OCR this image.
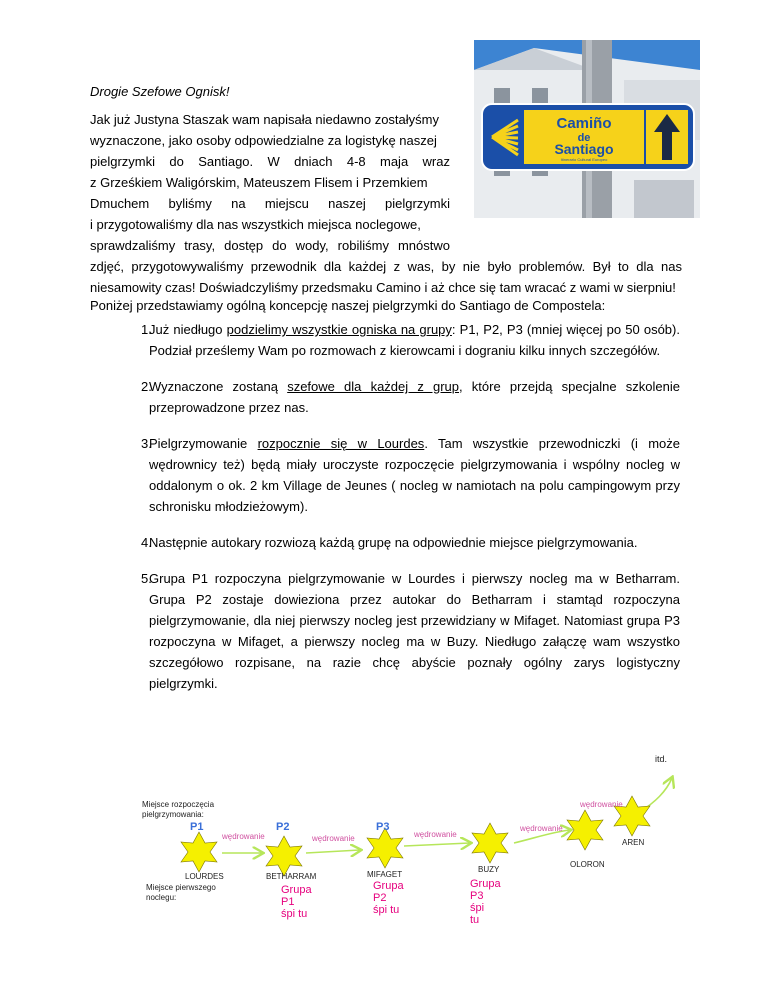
Camiño
de
Santiago
Itinerario Cultural Europeo
Drogie Szefowe Ognisk!
Jak już Justyna Staszak wam napisała niedawno zostałyśmy
wyznaczone, jako osoby odpowiedzialne za logistykę naszej
pielgrzymki do Santiago. W dniach 4-8 maja wraz
z Grześkiem Waligórskim, Mateuszem Flisem i Przemkiem
Dmuchem byliśmy na miejscu naszej pielgrzymki
i przygotowaliśmy dla nas wszystkich miejsca noclegowe,
sprawdzaliśmy trasy, dostęp do wody, robiliśmy mnóstwo
zdjęć, przygotowywaliśmy przewodnik dla każdej z was, by nie było problemów. Był to dla nas
niesamowity czas! Doświadczyliśmy przedsmaku Camino i aż chce się tam wracać z wami w sierpniu!
Poniżej przedstawiamy ogólną koncepcję naszej pielgrzymki do Santiago de Compostela:
1.
Już niedługo podzielimy wszystkie ogniska na grupy: P1, P2, P3 (mniej więcej po 50 osób). Podział prześlemy Wam po rozmowach z kierowcami i dograniu kilku innych szczegółów.
2.
Wyznaczone zostaną szefowe dla każdej z grup, które przejdą specjalne szkolenie przeprowadzone przez nas.
3.
Pielgrzymowanie rozpocznie się w Lourdes. Tam wszystkie przewodniczki (i może wędrownicy też) będą miały uroczyste rozpoczęcie pielgrzymowania i wspólny nocleg w oddalonym o ok. 2 km Village de Jeunes ( nocleg w namiotach na polu campingowym przy schronisku młodzieżowym).
4.
Następnie autokary rozwiozą każdą grupę na odpowiednie miejsce pielgrzymowania.
5.
Grupa P1 rozpoczyna pielgrzymowanie w Lourdes i pierwszy nocleg ma w Betharram. Grupa P2 zostaje dowieziona przez autokar do Betharram i stamtąd rozpoczyna pielgrzymowanie, dla niej pierwszy nocleg jest przewidziany w Mifaget. Natomiast grupa P3 rozpoczyna w Mifaget, a pierwszy nocleg ma w Buzy. Niedługo załączę wam wszystko szczegółowo rozpisane, na razie chcę abyście poznały ogólny zarys logistyczny pielgrzymki.
itd.
Miejsce rozpoczęcia pielgrzymowania:
Miejsce pierwszego noclegu:
P1	P2	P3
wędrowanie	wędrowanie	wędrowanie
wędrowanie
wędrowanie
LOURDES	BETHARRAM	MIFAGET
BUZY
OLORON
AREN
Grupa
P1
śpi tu
Grupa
P2
śpi tu
Grupa
P3
śpi
tu
